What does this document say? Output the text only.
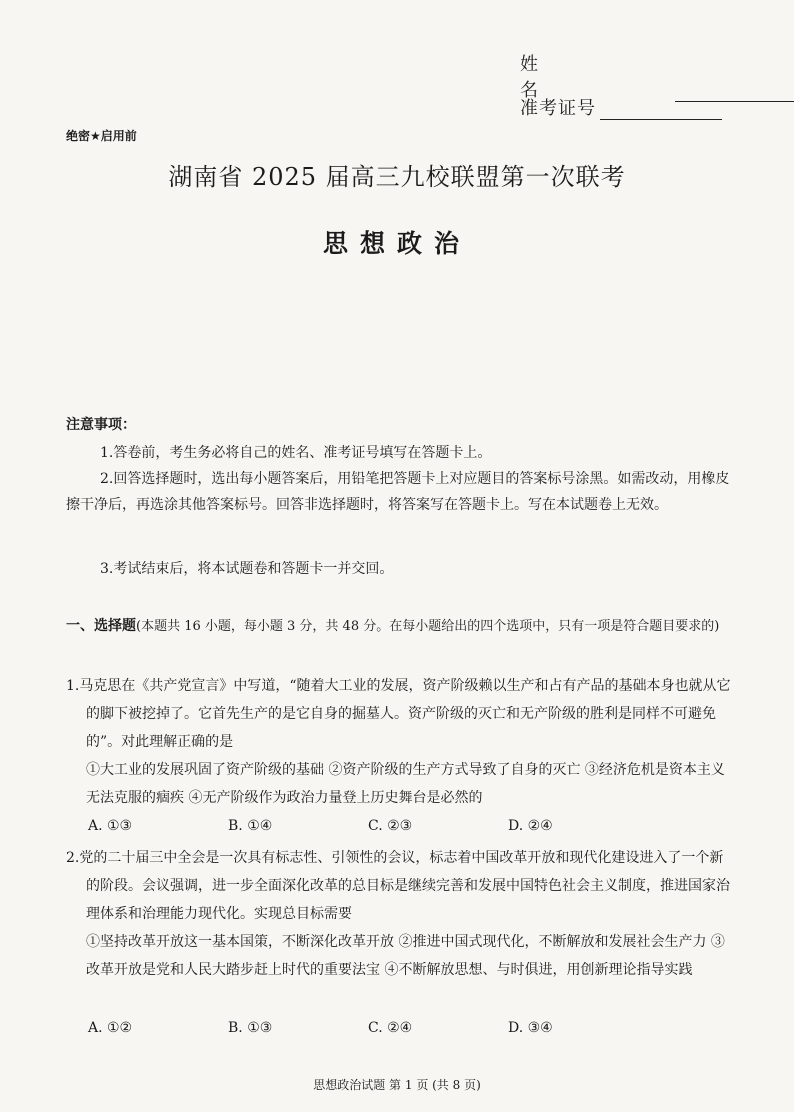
姓 名
准考证号
绝密★启用前
湖南省 2025 届高三九校联盟第一次联考
思想政治
注意事项：
1.答卷前，考生务必将自己的姓名、准考证号填写在答题卡上。
2.回答选择题时，选出每小题答案后，用铅笔把答题卡上对应题目的答案标号涂黑。如需改动，用橡皮擦干净后，再选涂其他答案标号。回答非选择题时，将答案写在答题卡上。写在本试题卷上无效。
3.考试结束后，将本试题卷和答题卡一并交回。
一、选择题(本题共 16 小题，每小题 3 分，共 48 分。在每小题给出的四个选项中，只有一项是符合题目要求的)
1.马克思在《共产党宣言》中写道，“随着大工业的发展，资产阶级赖以生产和占有产品的基础本身也就从它的脚下被挖掉了。它首先生产的是它自身的掘墓人。资产阶级的灭亡和无产阶级的胜利是同样不可避免的”。对此理解正确的是
①大工业的发展巩固了资产阶级的基础 ②资产阶级的生产方式导致了自身的灭亡 ③经济危机是资本主义无法克服的痼疾 ④无产阶级作为政治力量登上历史舞台是必然的
A. ①③	B. ①④	C. ②③	D. ②④
2.党的二十届三中全会是一次具有标志性、引领性的会议，标志着中国改革开放和现代化建设进入了一个新的阶段。会议强调，进一步全面深化改革的总目标是继续完善和发展中国特色社会主义制度，推进国家治理体系和治理能力现代化。实现总目标需要
①坚持改革开放这一基本国策，不断深化改革开放 ②推进中国式现代化，不断解放和发展社会生产力 ③改革开放是党和人民大踏步赶上时代的重要法宝 ④不断解放思想、与时俱进，用创新理论指导实践
A. ①②	B. ①③	C. ②④	D. ③④
思想政治试题 第 1 页 (共 8 页)
